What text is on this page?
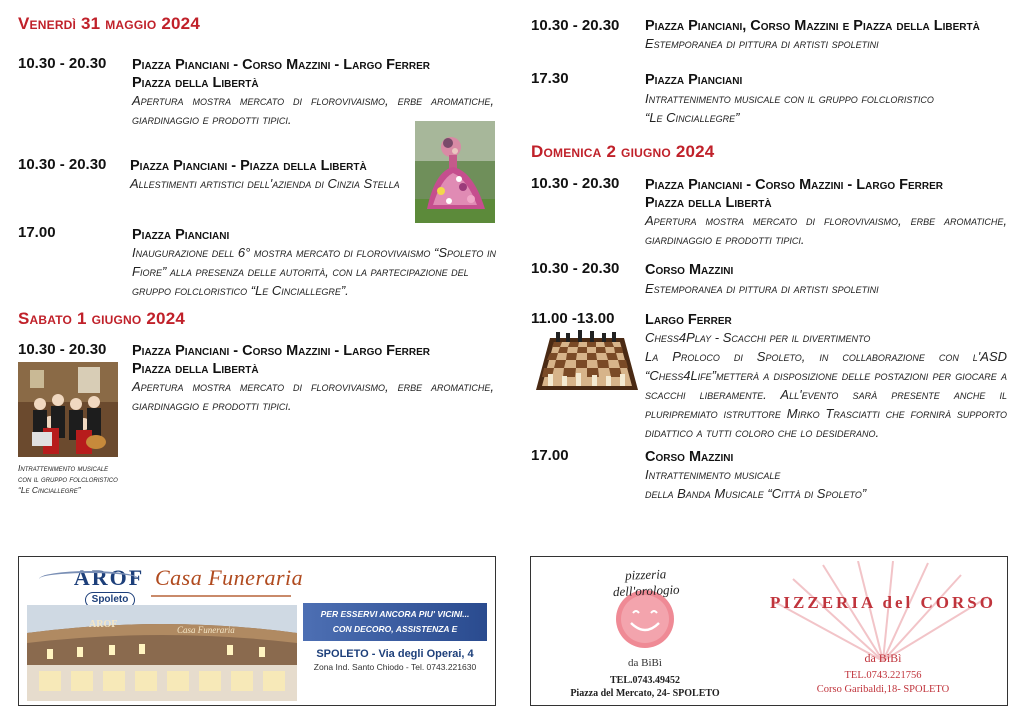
Venerdì 31 maggio 2024
10.30 - 20.30 Piazza Pianciani - Corso Mazzini - Largo Ferrer
Piazza della Libertà
Apertura mostra mercato di florovivaismo, erbe aromatiche, giardinaggio e prodotti tipici.
10.30 - 20.30 Piazza Pianciani - Piazza della Libertà
Allestimenti artistici dell'azienda di Cinzia Stella
17.00	Piazza Pianciani
Inaugurazione dell 6° mostra mercato di florovivaismo “Spoleto in Fiore” alla presenza delle autorità, con la partecipazione del gruppo folcloristico “Le Cinciallegre”.
Sabato 1 giugno 2024
10.30 - 20.30 Piazza Pianciani - Corso Mazzini - Largo Ferrer
Piazza della Libertà
Apertura mostra mercato di florovivaismo, erbe aromatiche, giardinaggio e prodotti tipici.
Intrattenimento musicale
con il gruppo folcloristico
“Le Cinciallegre”
10.30 - 20.30 Piazza Pianciani, Corso Mazzini e Piazza della Libertà
Estemporanea di pittura di artisti spoletini
17.30	Piazza Pianciani
Intrattenimento musicale con il gruppo folcloristico
“Le Cinciallegre”
Domenica 2 giugno 2024
10.30 - 20.30 Piazza Pianciani - Corso Mazzini - Largo Ferrer
Piazza della Libertà
Apertura mostra mercato di florovivaismo, erbe aromatiche, giardinaggio e prodotti tipici.
10.30 - 20.30 Corso Mazzini
Estemporanea di pittura di artisti spoletini
11.00 -13.00 Largo Ferrer
Chess4Play - Scacchi per il divertimento
La Proloco di Spoleto, in collaborazione con l'ASD “Chess4Life”metterà a disposizione delle postazioni per giocare a scacchi liberamente. All'evento sarà presente anche il pluripremiato istruttore Mirko Trasciatti che fornirà supporto didattico a tutti coloro che lo desiderano.
17.00	Corso Mazzini
Intrattenimento musicale
della Banda Musicale “Città di Spoleto”
AROF
Spoleto
Casa Funeraria
AROF	Casa Funeraria
PER ESSERVI ANCORA PIU' VICINI...
CON DECORO, ASSISTENZA E PROFESSIONALITA'
SPOLETO - Via degli Operai, 4
Zona Ind. Santo Chiodo - Tel. 0743.221630
pizzeria dell'orologio
da BiBì
TEL.0743.49452
Piazza del Mercato, 24- SPOLETO
PIZZERIA del CORSO
da BìBì
TEL.0743.221756
Corso Garibaldi,18- SPOLETO
